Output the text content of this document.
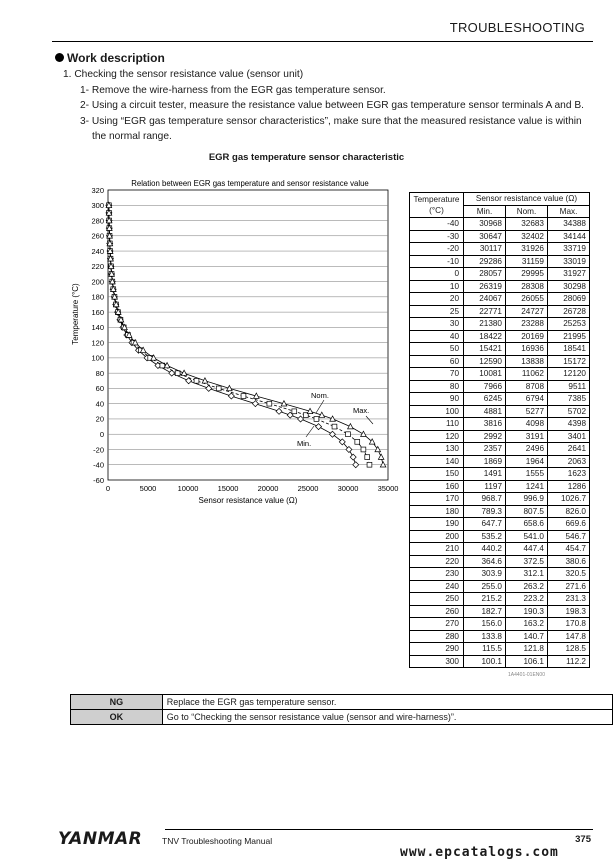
TROUBLESHOOTING
Work description
1. Checking the sensor resistance value (sensor unit)
1- Remove the wire-harness from the EGR gas temperature sensor.
2- Using a circuit tester, measure the resistance value between EGR gas temperature sensor terminals A and B.
3- Using “EGR gas temperature sensor characteristics”, make sure that the measured resistance value is within
the normal range.
EGR gas temperature sensor characteristic
320
300
280
260
240
220
200
180
160
140
120
100
80
60
40
20
0
-20
-40
-60
0	5000	10000	15000	20000	25000	30000	35000
Relation between EGR gas temperature and sensor resistance value
Sensor resistance value (Ω)
Temperature (°C)
Nom.
Max.
Min.
Temperature
(°C)	Sensor resistance value (Ω)		
	Min.	Nom.	Max.
-40	30968	32683	34388
-30	30647	32402	34144
-20	30117	31926	33719
-10	29286	31159	33019
0	28057	29995	31927
10	26319	28308	30298
20	24067	26055	28069
25	22771	24727	26728
30	21380	23288	25253
40	18422	20169	21995
50	15421	16936	18541
60	12590	13838	15172
70	10081	11062	12120
80	7966	8708	9511
90	6245	6794	7385
100	4881	5277	5702
110	3816	4098	4398
120	2992	3191	3401
130	2357	2496	2641
140	1869	1964	2063
150	1491	1555	1623
160	1197	1241	1286
170	968.7	996.9	1026.7
180	789.3	807.5	826.0
190	647.7	658.6	669.6
200	535.2	541.0	546.7
210	440.2	447.4	454.7
220	364.6	372.5	380.6
230	303.9	312.1	320.5
240	255.0	263.2	271.6
250	215.2	223.2	231.3
260	182.7	190.3	198.3
270	156.0	163.2	170.8
280	133.8	140.7	147.8
290	115.5	121.8	128.5
300	100.1	106.1	112.2
1A4401-01EN00
NG	Replace the EGR gas temperature sensor.
OK	Go to “Checking the sensor resistance value (sensor and wire-harness)”.
YANMAR TNV Troubleshooting Manual	375
www.epcatalogs.com
